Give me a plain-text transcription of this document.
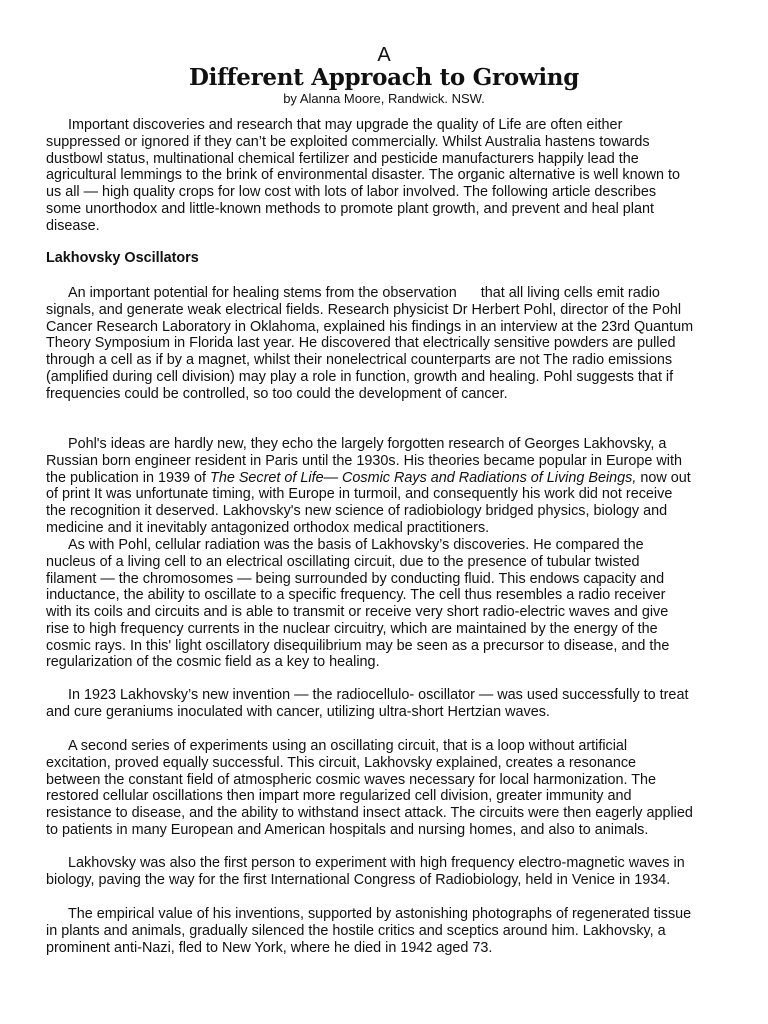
A
Different Approach to Growing
by Alanna Moore, Randwick. NSW.
Important discoveries and research that may upgrade the quality of Life are often either
suppressed or ignored if they can’t be exploited commercially. Whilst Australia hastens towards
dustbowl status, multinational chemical fertilizer and pesticide manufacturers happily lead the
agricultural lemmings to the brink of environmental disaster. The organic alternative is well known to
us all — high quality crops for low cost with lots of labor involved. The following article describes
some unorthodox and little-known methods to promote plant growth, and prevent and heal plant
disease.
Lakhovsky Oscillators
An important potential for healing stems from the observation      that all living cells emit radio
signals, and generate weak electrical fields. Research physicist Dr Herbert Pohl, director of the Pohl
Cancer Research Laboratory in Oklahoma, explained his findings in an interview at the 23rd Quantum
Theory Symposium in Florida last year. He discovered that electrically sensitive powders are pulled
through a cell as if by a magnet, whilst their nonelectrical counterparts are not The radio emissions
(amplified during cell division) may play a role in function, growth and healing. Pohl suggests that if
frequencies could be controlled, so too could the development of cancer.
Pohl's ideas are hardly new, they echo the largely forgotten research of Georges Lakhovsky, a
Russian born engineer resident in Paris until the 1930s. His theories became popular in Europe with
the publication in 1939 of The Secret of Life— Cosmic Rays and Radiations of Living Beings, now out
of print It was unfortunate timing, with Europe in turmoil, and consequently his work did not receive
the recognition it deserved. Lakhovsky's new science of radiobiology bridged physics, biology and
medicine and it inevitably antagonized orthodox medical practitioners.
As with Pohl, cellular radiation was the basis of Lakhovsky’s discoveries. He compared the
nucleus of a living cell to an electrical oscillating circuit, due to the presence of tubular twisted
filament — the chromosomes — being surrounded by conducting fluid. This endows capacity and
inductance, the ability to oscillate to a specific frequency. The cell thus resembles a radio receiver
with its coils and circuits and is able to transmit or receive very short radio-electric waves and give
rise to high frequency currents in the nuclear circuitry, which are maintained by the energy of the
cosmic rays. In this' light oscillatory disequilibrium may be seen as a precursor to disease, and the
regularization of the cosmic field as a key to healing.
In 1923 Lakhovsky’s new invention — the radiocellulo- oscillator — was used successfully to treat
and cure geraniums inoculated with cancer, utilizing ultra-short Hertzian waves.
A second series of experiments using an oscillating circuit, that is a loop without artificial
excitation, proved equally successful. This circuit, Lakhovsky explained, creates a resonance
between the constant field of atmospheric cosmic waves necessary for local harmonization. The
restored cellular oscillations then impart more regularized cell division, greater immunity and
resistance to disease, and the ability to withstand insect attack. The circuits were then eagerly applied
to patients in many European and American hospitals and nursing homes, and also to animals.
Lakhovsky was also the first person to experiment with high frequency electro-magnetic waves in
biology, paving the way for the first International Congress of Radiobiology, held in Venice in 1934.
The empirical value of his inventions, supported by astonishing photographs of regenerated tissue
in plants and animals, gradually silenced the hostile critics and sceptics around him. Lakhovsky, a
prominent anti-Nazi, fled to New York, where he died in 1942 aged 73.
